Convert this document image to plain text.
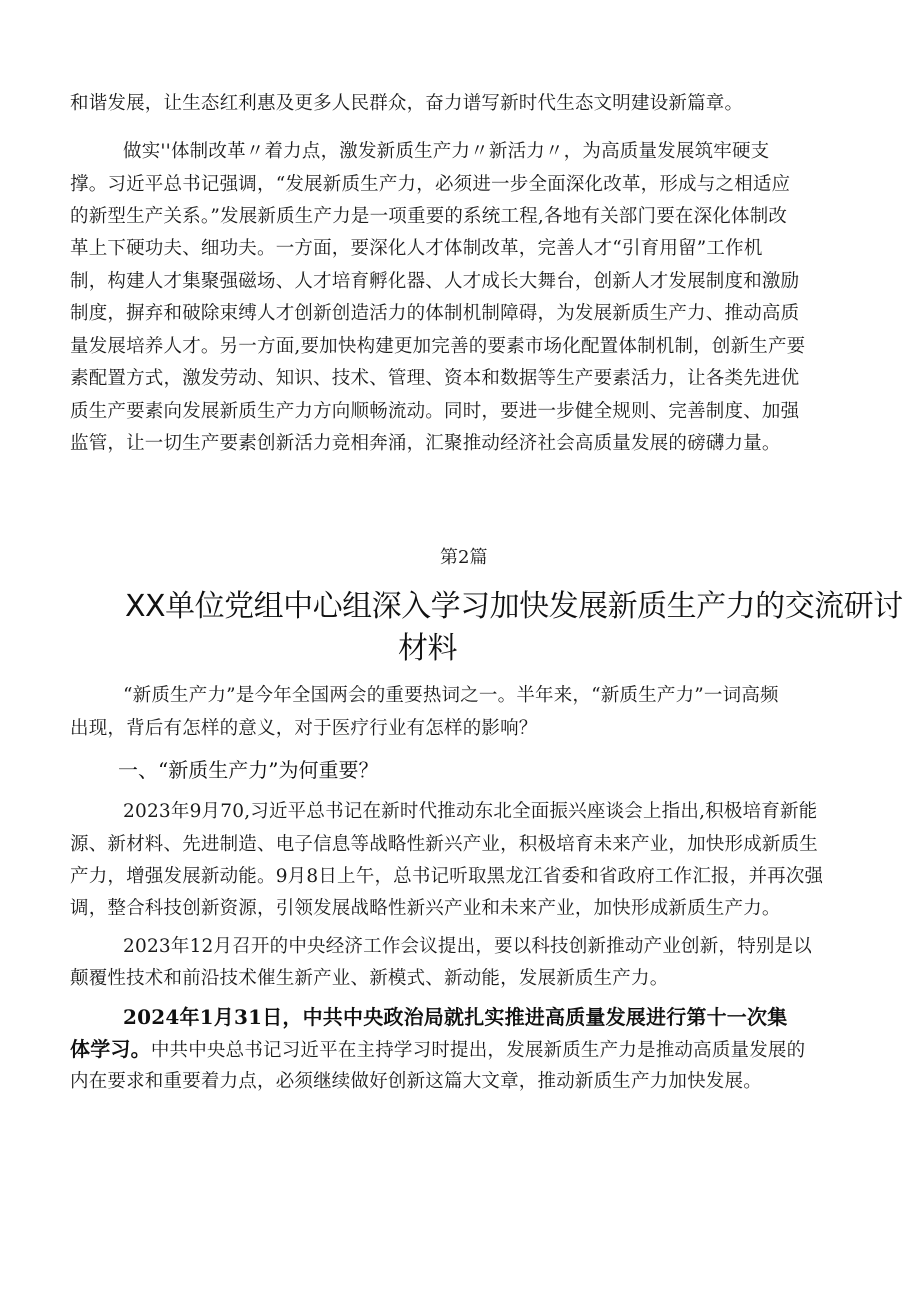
和谐发展，让生态红利惠及更多人民群众，奋力谱写新时代生态文明建设新篇章。
做实''体制改革〃着力点，激发新质生产力〃新活力〃，为高质量发展筑牢硬支
撑。习近平总书记强调，“发展新质生产力，必须进一步全面深化改革，形成与之相适应
的新型生产关系。”发展新质生产力是一项重要的系统工程,各地有关部门要在深化体制改
革上下硬功夫、细功夫。一方面，要深化人才体制改革，完善人才“引育用留”工作机
制，构建人才集聚强磁场、人才培育孵化器、人才成长大舞台，创新人才发展制度和激励
制度，摒弃和破除束缚人才创新创造活力的体制机制障碍，为发展新质生产力、推动高质
量发展培养人才。另一方面,要加快构建更加完善的要素市场化配置体制机制，创新生产要
素配置方式，激发劳动、知识、技术、管理、资本和数据等生产要素活力，让各类先进优
质生产要素向发展新质生产力方向顺畅流动。同时，要进一步健全规则、完善制度、加强
监管，让一切生产要素创新活力竞相奔涌，汇聚推动经济社会高质量发展的磅礴力量。
第2篇
XX单位党组中心组深入学习加快发展新质生产力的交流研讨
材料
“新质生产力”是今年全国两会的重要热词之一。半年来，“新质生产力”一词高频
出现，背后有怎样的意义，对于医疗行业有怎样的影响？
一、“新质生产力”为何重要？
2023年9月70,习近平总书记在新时代推动东北全面振兴座谈会上指出,积极培育新能
源、新材料、先进制造、电子信息等战略性新兴产业，积极培育未来产业，加快形成新质生
产力，增强发展新动能。9月8日上午，总书记听取黑龙江省委和省政府工作汇报，并再次强
调，整合科技创新资源，引领发展战略性新兴产业和未来产业，加快形成新质生产力。
2023年12月召开的中央经济工作会议提出，要以科技创新推动产业创新，特别是以
颠覆性技术和前沿技术催生新产业、新模式、新动能，发展新质生产力。
2024年1月31日，中共中央政治局就扎实推进高质量发展进行第十一次集
体学习。中共中央总书记习近平在主持学习时提出，发展新质生产力是推动高质量发展的
内在要求和重要着力点，必须继续做好创新这篇大文章，推动新质生产力加快发展。
